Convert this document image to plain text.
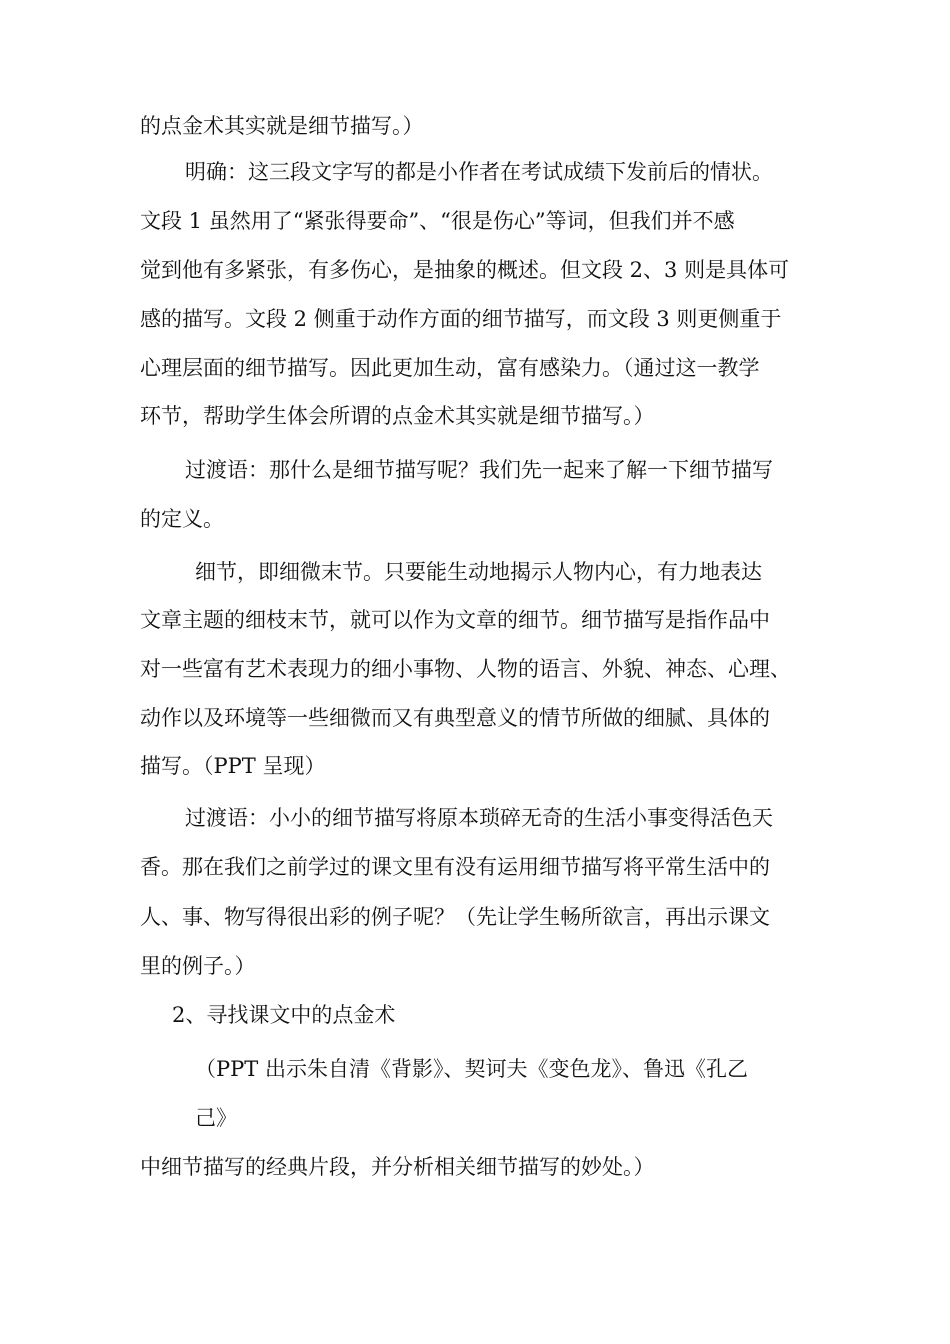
的点金术其实就是细节描写。）
明确：这三段文字写的都是小作者在考试成绩下发前后的情状。
文段 1 虽然用了“紧张得要命”、“很是伤心”等词，但我们并不感
觉到他有多紧张，有多伤心，是抽象的概述。但文段 2、3 则是具体可
感的描写。文段 2 侧重于动作方面的细节描写，而文段 3 则更侧重于
心理层面的细节描写。因此更加生动，富有感染力。（通过这一教学
环节，帮助学生体会所谓的点金术其实就是细节描写。）
过渡语：那什么是细节描写呢？我们先一起来了解一下细节描写
的定义。
细节，即细微末节。只要能生动地揭示人物内心，有力地表达
文章主题的细枝末节，就可以作为文章的细节。细节描写是指作品中
对一些富有艺术表现力的细小事物、人物的语言、外貌、神态、心理、
动作以及环境等一些细微而又有典型意义的情节所做的细腻、具体的
描写。（PPT 呈现）
过渡语：小小的细节描写将原本琐碎无奇的生活小事变得活色天
香。那在我们之前学过的课文里有没有运用细节描写将平常生活中的
人、事、物写得很出彩的例子呢？（先让学生畅所欲言，再出示课文
里的例子。）
2、寻找课文中的点金术
（PPT 出示朱自清《背影》、契诃夫《变色龙》、鲁迅《孔乙
己》
中细节描写的经典片段，并分析相关细节描写的妙处。）
